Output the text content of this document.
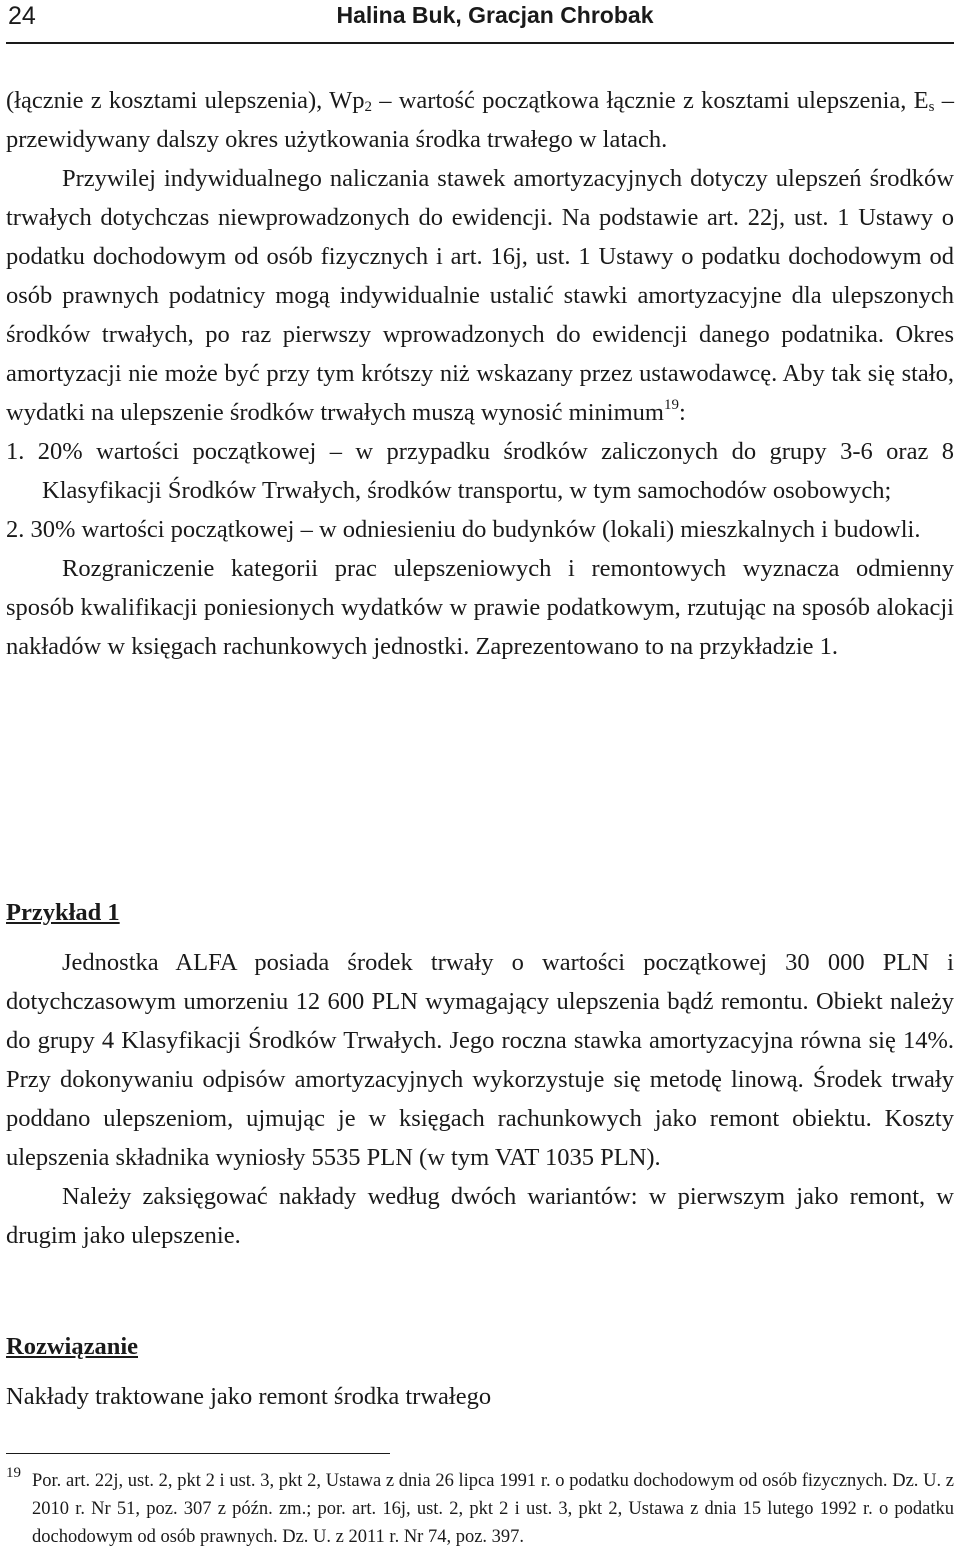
24	Halina Buk, Gracjan Chrobak

(łącznie z kosztami ulepszenia), $Wp_2$ – wartość początkowa łącznie z kosztami ulepszenia, $E_s$ – przewidywany dalszy okres użytkowania środka trwałego w latach.

Przywilej indywidualnego naliczania stawek amortyzacyjnych dotyczy ulepszeń środków trwałych dotychczas niewprowadzonych do ewidencji. Na podstawie art. 22j, ust. 1 Ustawy o podatku dochodowym od osób fizycznych i art. 16j, ust. 1 Ustawy o podatku dochodowym od osób prawnych podatnicy mogą indywidualnie ustalić stawki amortyzacyjne dla ulepszonych środków trwałych, po raz pierwszy wprowadzonych do ewidencji danego podatnika. Okres amortyzacji nie może być przy tym krótszy niż wskazany przez ustawodawcę. Aby tak się stało, wydatki na ulepszenie środków trwałych muszą wynosić minimum$^{19}$:

1. 20% wartości początkowej – w przypadku środków zaliczonych do grupy 3-6 oraz 8 Klasyfikacji Środków Trwałych, środków transportu, w tym samochodów osobowych;

2. 30% wartości początkowej – w odniesieniu do budynków (lokali) mieszkalnych i budowli.

Rozgraniczenie kategorii prac ulepszeniowych i remontowych wyznacza odmienny sposób kwalifikacji poniesionych wydatków w prawie podatkowym, rzutując na sposób alokacji nakładów w księgach rachunkowych jednostki. Zaprezentowano to na przykładzie 1.

Przykład 1

Jednostka ALFA posiada środek trwały o wartości początkowej 30 000 PLN i dotychczasowym umorzeniu 12 600 PLN wymagający ulepszenia bądź remontu. Obiekt należy do grupy 4 Klasyfikacji Środków Trwałych. Jego roczna stawka amortyzacyjna równa się 14%. Przy dokonywaniu odpisów amortyzacyjnych wykorzystuje się metodę linową. Środek trwały poddano ulepszeniom, ujmując je w księgach rachunkowych jako remont obiektu. Koszty ulepszenia składnika wyniosły 5535 PLN (w tym VAT 1035 PLN).

Należy zaksięgować nakłady według dwóch wariantów: w pierwszym jako remont, w drugim jako ulepszenie.

Rozwiązanie

Nakłady traktowane jako remont środka trwałego

19 Por. art. 22j, ust. 2, pkt 2 i ust. 3, pkt 2, Ustawa z dnia 26 lipca 1991 r. o podatku dochodowym od osób fizycznych. Dz. U. z 2010 r. Nr 51, poz. 307 z późn. zm.; por. art. 16j, ust. 2, pkt 2 i ust. 3, pkt 2, Ustawa z dnia 15 lutego 1992 r. o podatku dochodowym od osób prawnych. Dz. U. z 2011 r. Nr 74, poz. 397.
